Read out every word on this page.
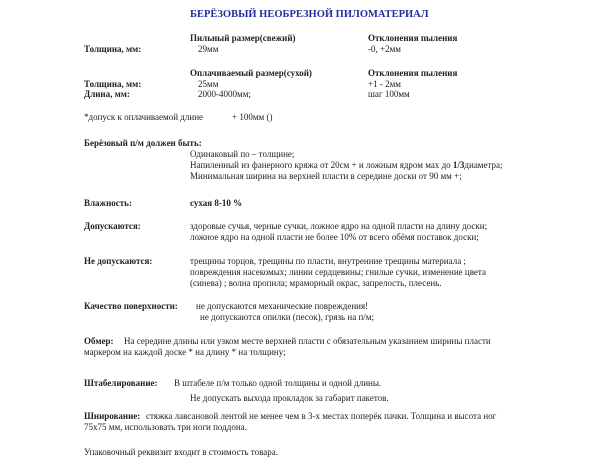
БЕРЁЗОВЫЙ НЕОБРЕЗНОЙ ПИЛОМАТЕРИАЛ
Пильный размер(свежий)	Отклонения пыления
Толщина, мм:	29мм	-0, +2мм
Оплачиваемый размер(сухой)	Отклонения пыления
Толщина, мм:	25мм	+1 - 2мм
Длина, мм:	2000-4000мм;	шаг 100мм
*допуск к оплачиваемой длине	+ 100мм ()
Берёзовый п/м должен быть:
Одинаковый по – толщине;
Напиленный из фанерного кряжа от 20см + и ложным ядром мах до 1/3диаметра;
Минимальная ширина на верхней пласти в середине доски от 90 мм +;
Влажность:	сухая 8-10 %
Допускаются:	здоровые сучья, черные сучки, ложное ядро на одной пласти на длину доски;
ложное ядро на одной пласти не более 10% от всего обёмя поставок доски;
Не допускаются:	трещины торцов, трещины по пласти, внутренние трещины материала ;
повреждения насекомых; линии сердцевины; гнилые сучки, изменение цвета
(синева) ; волна пропила; мраморный окрас, запрелость, плесень.
Качество поверхности: не допускаются механические повреждения!
не допускаются опилки (песок), грязь на п/м;
Обмер: На середине длины или узком месте верхней пласти с обязательным указанием ширины пласти
маркером на каждой доске * на длину * на толщину;
Штабелирование: В штабеле п/м только одной толщины и одной длины.
Не допускать выхода прокладок за габарит пакетов.
Шнирование: стяжка лавсановой лентой не менее чем в 3-х местах поперёк пачки. Толщина и высота ног
75х75 мм, использовать три ноги поддона.
Упаковочный реквизит входит в стоимость товара.
